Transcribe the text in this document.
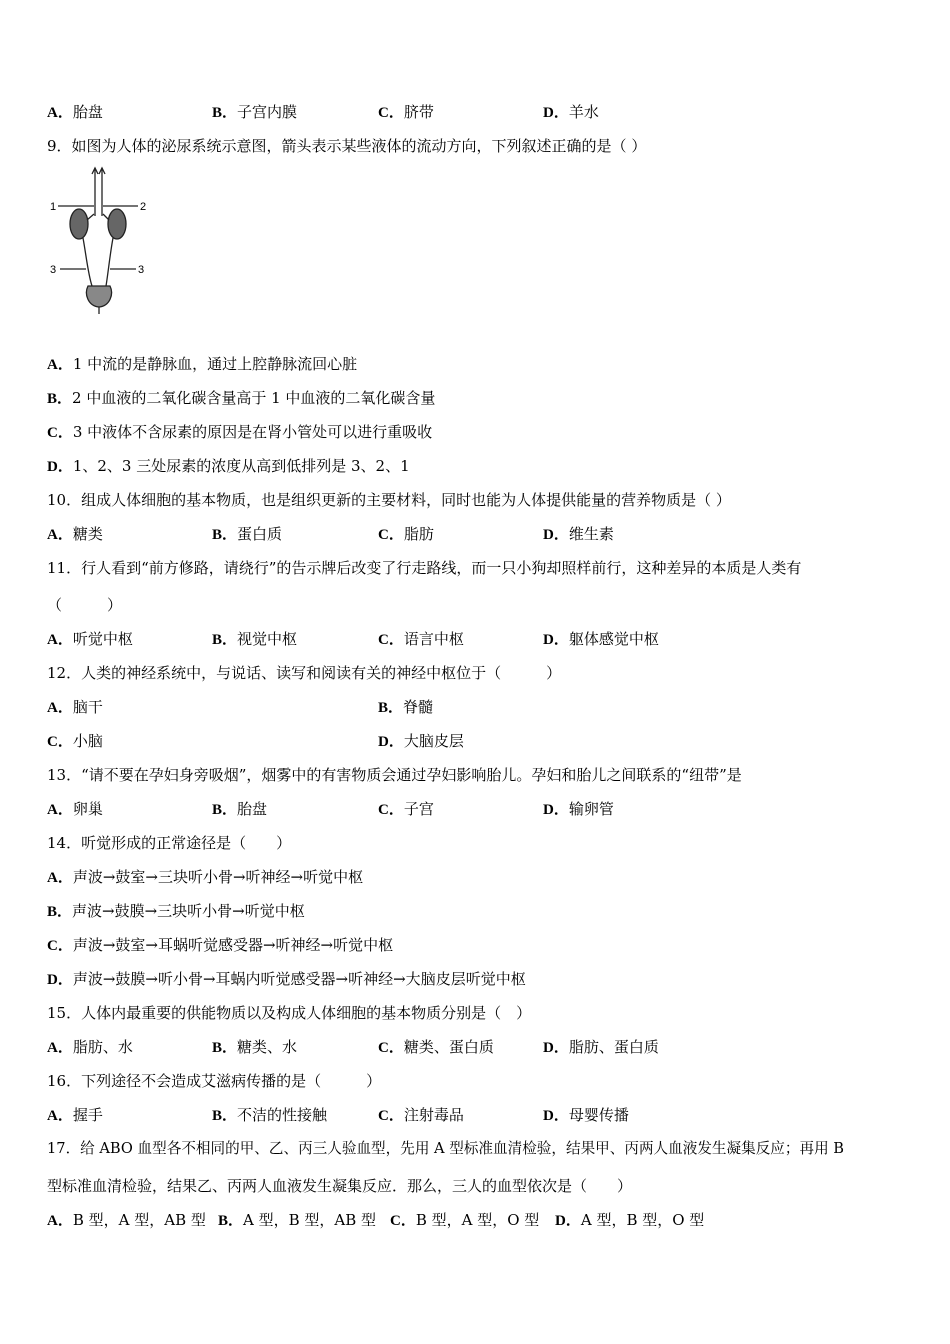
A．胎盘	B．子宫内膜	C．脐带	D．羊水
9．如图为人体的泌尿系统示意图，箭头表示某些液体的流动方向，下列叙述正确的是（ ）
1	2
3	3
A．1 中流的是静脉血，通过上腔静脉流回心脏
B．2 中血液的二氧化碳含量高于 1 中血液的二氧化碳含量
C．3 中液体不含尿素的原因是在肾小管处可以进行重吸收
D．1、2、3 三处尿素的浓度从高到低排列是 3、2、1
10．组成人体细胞的基本物质，也是组织更新的主要材料，同时也能为人体提供能量的营养物质是（ ）
A．糖类	B．蛋白质	C．脂肪	D．维生素
11．行人看到“前方修路，请绕行”的告示牌后改变了行走路线，而一只小狗却照样前行，这种差异的本质是人类有
（　　　）
A．听觉中枢	B．视觉中枢	C．语言中枢	D．躯体感觉中枢
12．人类的神经系统中，与说话、读写和阅读有关的神经中枢位于（　　　）
A．脑干	B．脊髓
C．小脑	D．大脑皮层
13．“请不要在孕妇身旁吸烟”，烟雾中的有害物质会通过孕妇影响胎儿。孕妇和胎儿之间联系的“纽带”是
A．卵巢	B．胎盘	C．子宫	D．输卵管
14．听觉形成的正常途径是（　　）
A．声波→鼓室→三块听小骨→听神经→听觉中枢
B．声波→鼓膜→三块听小骨→听觉中枢
C．声波→鼓室→耳蜗听觉感受器→听神经→听觉中枢
D．声波→鼓膜→听小骨→耳蜗内听觉感受器→听神经→大脑皮层听觉中枢
15．人体内最重要的供能物质以及构成人体细胞的基本物质分别是（　）
A．脂肪、水	B．糖类、水	C．糖类、蛋白质	D．脂肪、蛋白质
16．下列途径不会造成艾滋病传播的是（　　　）
A．握手	B．不洁的性接触	C．注射毒品	D．母婴传播
17．给 ABO 血型各不相同的甲、乙、丙三人验血型，先用 A 型标准血清检验，结果甲、丙两人血液发生凝集反应；再用 B
型标准血清检验，结果乙、丙两人血液发生凝集反应．那么，三人的血型依次是（　　）
A．B 型，A 型，AB 型 B．A 型，B 型，AB 型 C．B 型，A 型，O 型 D．A 型，B 型，O 型
